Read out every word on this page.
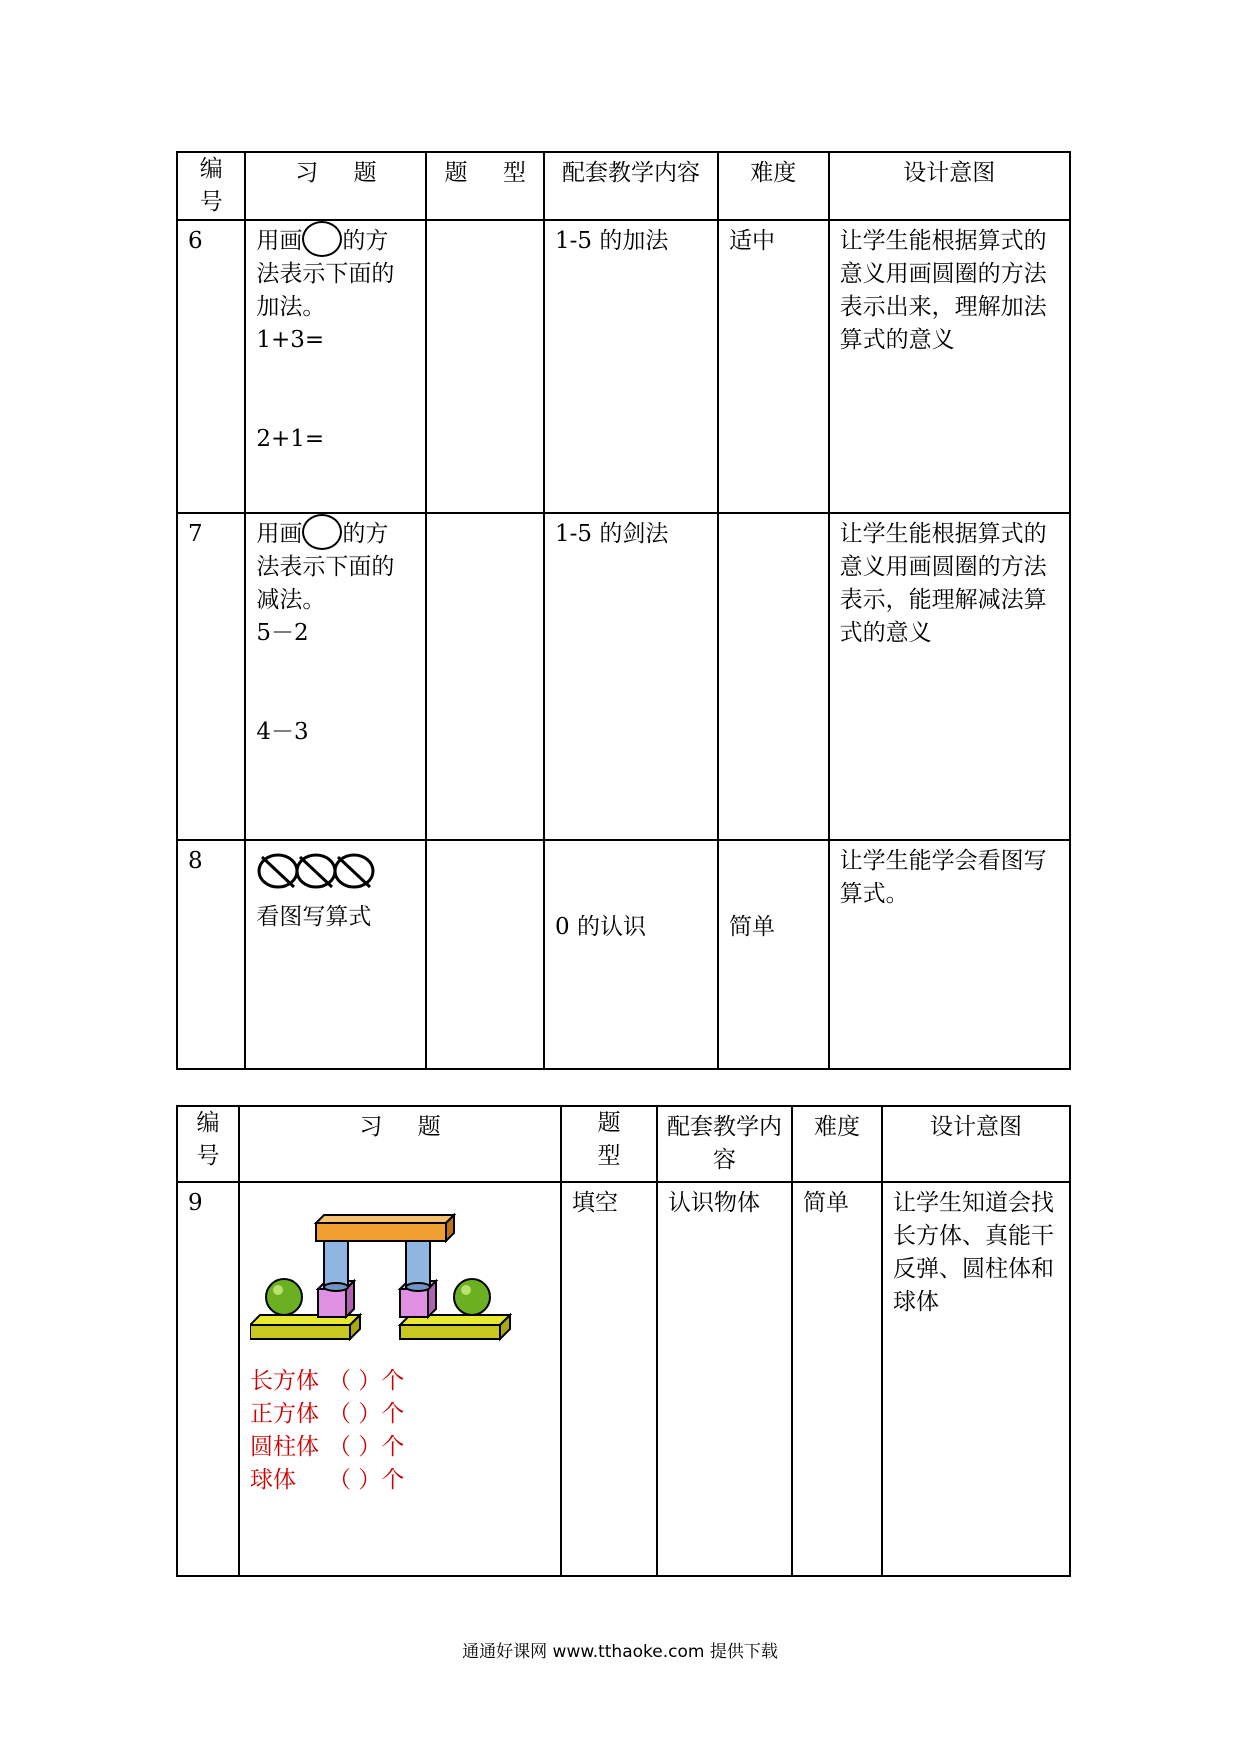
编号	习 题	题 型	配套教学内容	难度	设计意图
6	用画 的方
法表示下面的加法。
1+3=

2+1=		1-5 的加法	适中	让学生能根据算式的意义用画圆圈的方法表示出来，理解加法算式的意义
7	用画 的方
法表示下面的减法。
5－2

4－3		1-5 的剑法		让学生能根据算式的意义用画圆圈的方法表示，能理解减法算式的意义
8	看图写算式		0 的认识	简单	让学生能学会看图写算式。
编号	习 题	题型	配套教学内容	难度	设计意图
9	长方体 （ ）个
正方体 （ ）个
圆柱体 （ ）个
球体 （ ）个	填空	认识物体	简单	让学生知道会找长方体、真能干反弹、圆柱体和球体
通通好课网 www.tthaoke.com 提供下载
